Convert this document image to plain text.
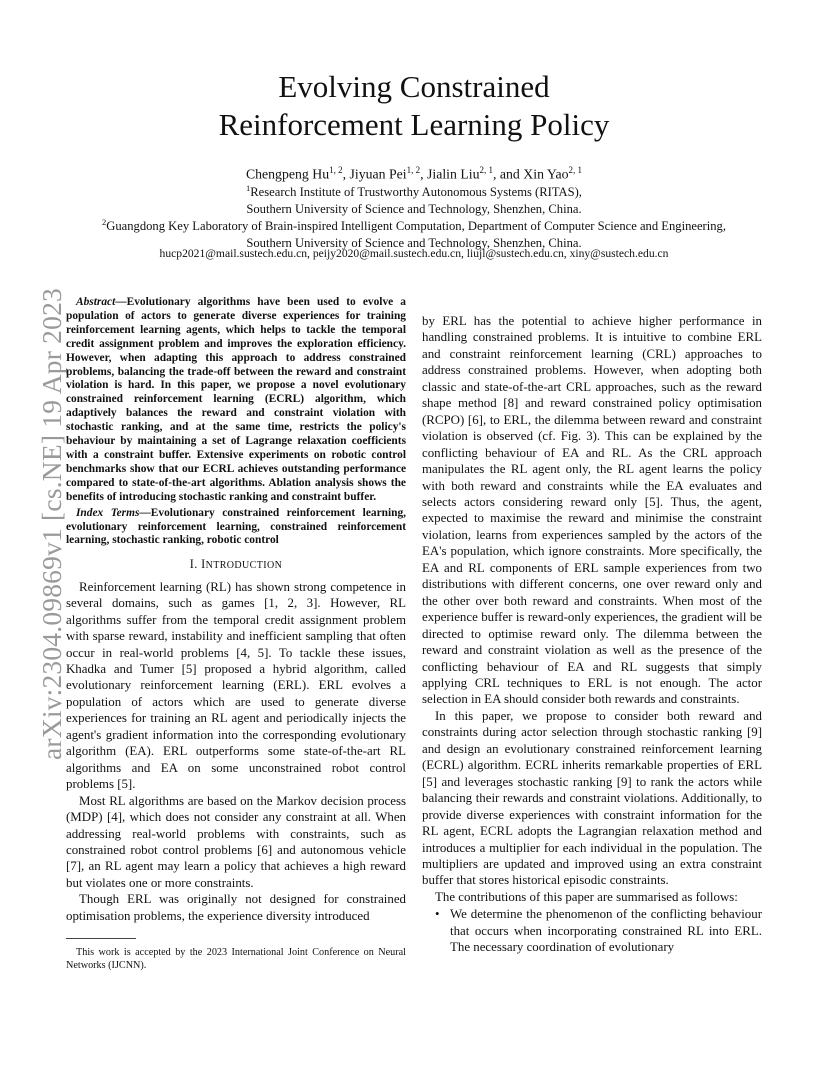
arXiv:2304.09869v1 [cs.NE] 19 Apr 2023
Evolving Constrained
Reinforcement Learning Policy
Chengpeng Hu$^{1, 2}$, Jiyuan Pei$^{1, 2}$, Jialin Liu$^{2, 1}$, and Xin Yao$^{2, 1}$
$^1$Research Institute of Trustworthy Autonomous Systems (RITAS),
Southern University of Science and Technology, Shenzhen, China.
$^2$Guangdong Key Laboratory of Brain-inspired Intelligent Computation, Department of Computer Science and Engineering,
Southern University of Science and Technology, Shenzhen, China.
hucp2021@mail.sustech.edu.cn, peijy2020@mail.sustech.edu.cn, liujl@sustech.edu.cn, xiny@sustech.edu.cn
Abstract—Evolutionary algorithms have been used to evolve a population of actors to generate diverse experiences for training reinforcement learning agents, which helps to tackle the temporal credit assignment problem and improves the exploration efficiency. However, when adapting this approach to address constrained problems, balancing the trade-off between the reward and constraint violation is hard. In this paper, we propose a novel evolutionary constrained reinforcement learning (ECRL) algorithm, which adaptively balances the reward and constraint violation with stochastic ranking, and at the same time, restricts the policy's behaviour by maintaining a set of Lagrange relaxation coefficients with a constraint buffer. Extensive experiments on robotic control benchmarks show that our ECRL achieves outstanding performance compared to state-of-the-art algorithms. Ablation analysis shows the benefits of introducing stochastic ranking and constraint buffer.
Index Terms—Evolutionary constrained reinforcement learning, evolutionary reinforcement learning, constrained reinforcement learning, stochastic ranking, robotic control
I. INTRODUCTION

Reinforcement learning (RL) has shown strong competence in several domains, such as games [1, 2, 3]. However, RL algorithms suffer from the temporal credit assignment problem with sparse reward, instability and inefficient sampling that often occur in real-world problems [4, 5]. To tackle these issues, Khadka and Tumer [5] proposed a hybrid algorithm, called evolutionary reinforcement learning (ERL). ERL evolves a population of actors which are used to generate diverse experiences for training an RL agent and periodically injects the agent's gradient information into the corresponding evolutionary algorithm (EA). ERL outperforms some state-of-the-art RL algorithms and EA on some unconstrained robot control problems [5].

Most RL algorithms are based on the Markov decision process (MDP) [4], which does not consider any constraint at all. When addressing real-world problems with constraints, such as constrained robot control problems [6] and autonomous vehicle [7], an RL agent may learn a policy that achieves a high reward but violates one or more constraints.

Though ERL was originally not designed for constrained optimisation problems, the experience diversity introduced

This work is accepted by the 2023 International Joint Conference on Neural Networks (IJCNN).

by ERL has the potential to achieve higher performance in handling constrained problems. It is intuitive to combine ERL and constraint reinforcement learning (CRL) approaches to address constrained problems. However, when adopting both classic and state-of-the-art CRL approaches, such as the reward shape method [8] and reward constrained policy optimisation (RCPO) [6], to ERL, the dilemma between reward and constraint violation is observed (cf. Fig. 3). This can be explained by the conflicting behaviour of EA and RL. As the CRL approach manipulates the RL agent only, the RL agent learns the policy with both reward and constraints while the EA evaluates and selects actors considering reward only [5]. Thus, the agent, expected to maximise the reward and minimise the constraint violation, learns from experiences sampled by the actors of the EA's population, which ignore constraints. More specifically, the EA and RL components of ERL sample experiences from two distributions with different concerns, one over reward only and the other over both reward and constraints. When most of the experience buffer is reward-only experiences, the gradient will be directed to optimise reward only. The dilemma between the reward and constraint violation as well as the presence of the conflicting behaviour of EA and RL suggests that simply applying CRL techniques to ERL is not enough. The actor selection in EA should consider both rewards and constraints.

In this paper, we propose to consider both reward and constraints during actor selection through stochastic ranking [9] and design an evolutionary constrained reinforcement learning (ECRL) algorithm. ECRL inherits remarkable properties of ERL [5] and leverages stochastic ranking [9] to rank the actors while balancing their rewards and constraint violations. Additionally, to provide diverse experiences with constraint information for the RL agent, ECRL adopts the Lagrangian relaxation method and introduces a multiplier for each individual in the population. The multipliers are updated and improved using an extra constraint buffer that stores historical episodic constraints.

The contributions of this paper are summarised as follows:

• We determine the phenomenon of the conflicting behaviour that occurs when incorporating constrained RL into ERL. The necessary coordination of evolutionary
